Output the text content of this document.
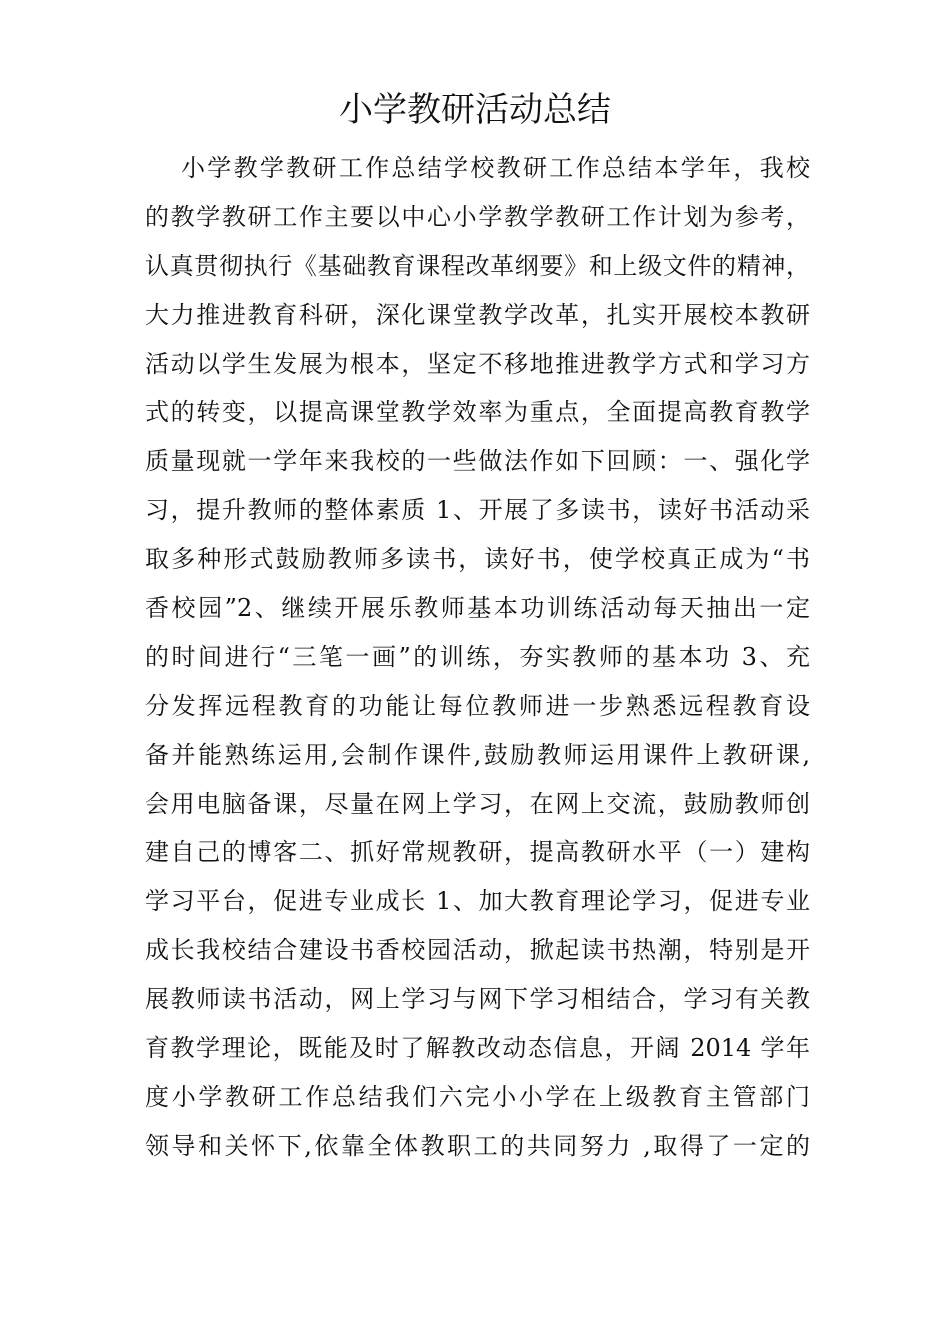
小学教研活动总结
小学教学教研工作总结学校教研工作总结本学年，我校
的教学教研工作主要以中心小学教学教研工作计划为参考，
认真贯彻执行《基础教育课程改革纲要》和上级文件的精神，
大力推进教育科研，深化课堂教学改革，扎实开展校本教研
活动以学生发展为根本，坚定不移地推进教学方式和学习方
式的转变，以提高课堂教学效率为重点，全面提高教育教学
质量现就一学年来我校的一些做法作如下回顾：一、强化学
习，提升教师的整体素质 1、开展了多读书，读好书活动采
取多种形式鼓励教师多读书，读好书，使学校真正成为“书
香校园”2、继续开展乐教师基本功训练活动每天抽出一定
的时间进行“三笔一画”的训练，夯实教师的基本功 3、充
分发挥远程教育的功能让每位教师进一步熟悉远程教育设
备并能熟练运用,会制作课件,鼓励教师运用课件上教研课,
会用电脑备课，尽量在网上学习，在网上交流，鼓励教师创
建自己的博客二、抓好常规教研，提高教研水平（一）建构
学习平台，促进专业成长 1、加大教育理论学习，促进专业
成长我校结合建设书香校园活动，掀起读书热潮，特别是开
展教师读书活动，网上学习与网下学习相结合，学习有关教
育教学理论，既能及时了解教改动态信息，开阔 2014 学年
度小学教研工作总结我们六完小小学在上级教育主管部门
领导和关怀下,依靠全体教职工的共同努力 ,取得了一定的
